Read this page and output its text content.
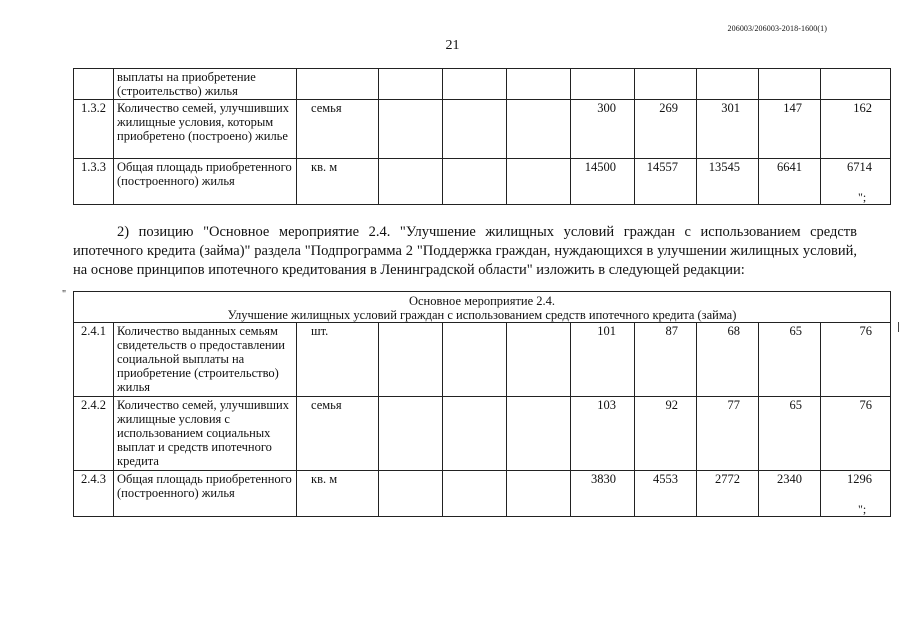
206003/206003-2018-1600(1)
21
	выплаты на приобретение (строительство) жилья									
1.3.2	Количество семей, улучшивших жилищные условия, которым приобретено (построено) жилье	семья				300	269	301	147	162
1.3.3	Общая площадь приобретенного (построенного) жилья	кв. м				14500	14557	13545	6641	6714
";
2) позицию "Основное мероприятие 2.4. "Улучшение жилищных условий граждан с использованием средств ипотечного кредита (займа)" раздела "Подпрограмма 2 "Поддержка граждан, нуждающихся в улучшении жилищных условий, на основе принципов ипотечного кредитования в Ленинградской области" изложить в следующей редакции:
"	Основное мероприятие 2.4.
Улучшение жилищных условий граждан с использованием средств ипотечного кредита (займа)										

2.4.1	Количество выданных семьям свидетельств о предоставлении социальной выплаты на приобретение (строительство) жилья	шт.				101	87	68	65	76
2.4.2	Количество семей, улучшивших жилищные условия с использованием социальных выплат и средств ипотечного кредита	семья				103	92	77	65	76
2.4.3	Общая площадь приобретенного (построенного) жилья	кв. м				3830	4553	2772	2340	1296
";
